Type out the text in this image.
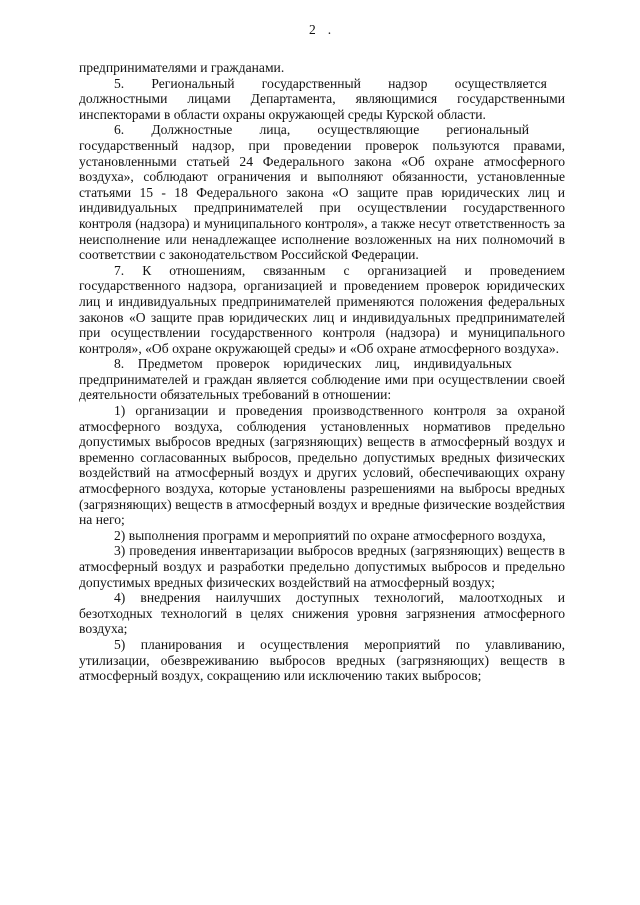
2 .

предпринимателями и гражданами.

5.  Региональный  государственный  надзор  осуществляется должностными лицами Департамента, являющимися государственными инспекторами в области охраны окружающей среды Курской области.

6.  Должностные  лица,  осуществляющие  региональный государственный надзор, при проведении проверок пользуются правами, установленными статьей 24 Федерального закона «Об охране атмосферного воздуха», соблюдают ограничения и выполняют обязанности, установленные статьями 15 - 18 Федерального закона «О защите прав юридических лиц и индивидуальных предпринимателей при осуществлении государственного контроля (надзора) и муниципального контроля», а также несут ответственность за неисполнение или ненадлежащее исполнение возложенных на них полномочий в соответствии с законодательством Российской Федерации.

7. К отношениям, связанным с организацией и проведением государственного надзора, организацией и проведением проверок юридических лиц и индивидуальных предпринимателей применяются положения федеральных законов «О защите прав юридических лиц и индивидуальных предпринимателей при осуществлении государственного контроля (надзора) и муниципального контроля», «Об охране окружающей среды» и «Об охране атмосферного воздуха».

8. Предметом проверок юридических лиц, индивидуальных предпринимателей и граждан является соблюдение ими при осуществлении своей деятельности обязательных требований в отношении:

1) организации и проведения производственного контроля за охраной атмосферного воздуха, соблюдения установленных нормативов предельно допустимых выбросов вредных (загрязняющих) веществ в атмосферный воздух и временно согласованных выбросов, предельно допустимых вредных физических воздействий на атмосферный воздух и других условий, обеспечивающих охрану атмосферного воздуха, которые установлены разрешениями на выбросы вредных (загрязняющих) веществ в атмосферный воздух и вредные физические воздействия на него;

2) выполнения программ и мероприятий по охране атмосферного воздуха,

3) проведения инвентаризации выбросов вредных (загрязняющих) веществ в атмосферный воздух и разработки предельно допустимых выбросов и предельно допустимых вредных физических воздействий на атмосферный воздух;

4) внедрения наилучших доступных технологий, малоотходных и безотходных технологий в целях снижения уровня загрязнения атмосферного воздуха;

5) планирования и осуществления мероприятий по улавливанию, утилизации, обезвреживанию выбросов вредных (загрязняющих) веществ в атмосферный воздух, сокращению или исключению таких выбросов;
